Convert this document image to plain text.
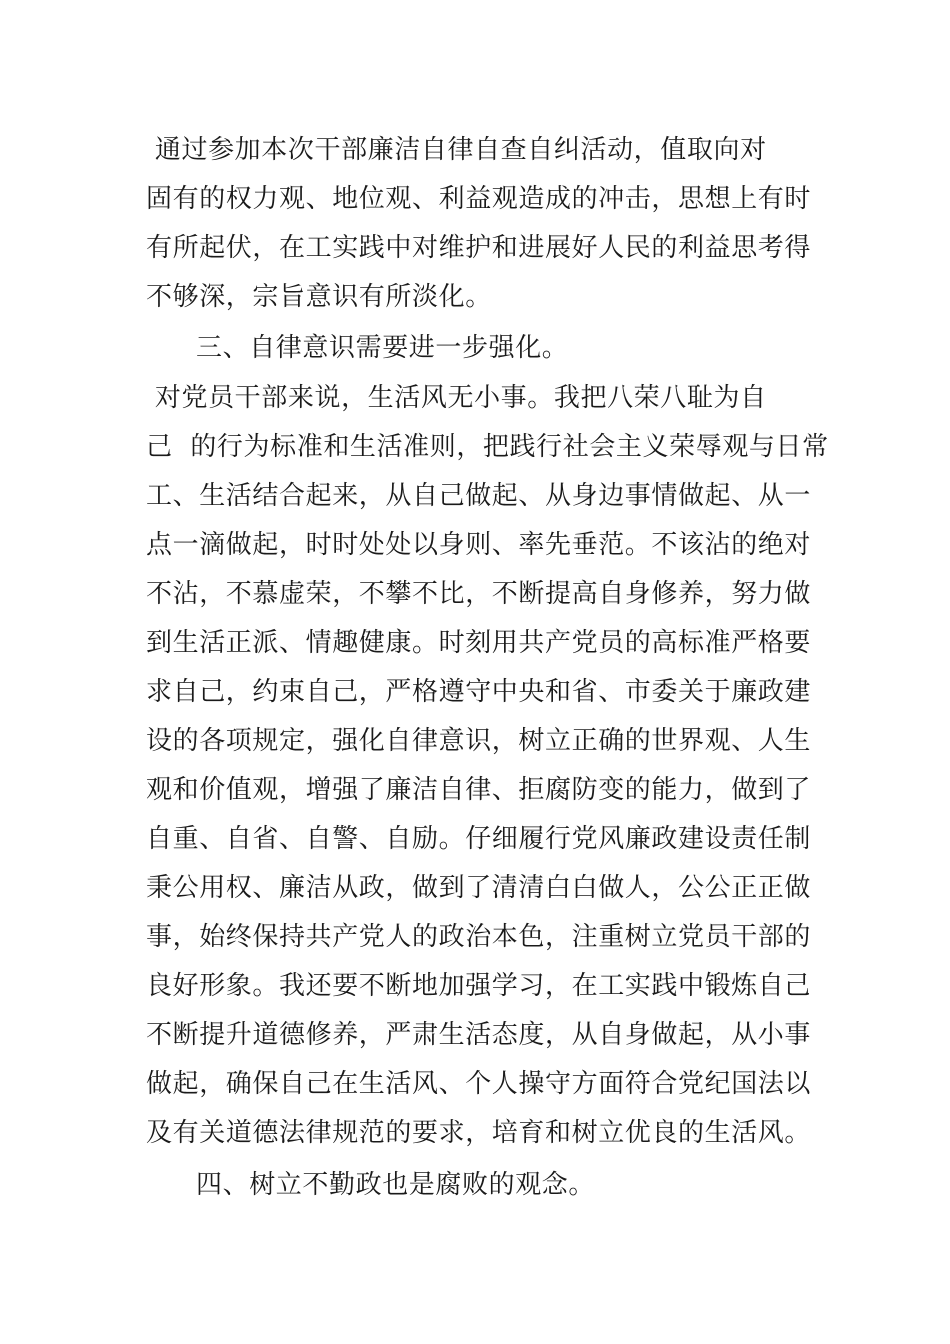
通过参加本次干部廉洁自律自查自纠活动，值取向对
固有的权力观、地位观、利益观造成的冲击，思想上有时
有所起伏，在工实践中对维护和进展好人民的利益思考得
不够深，宗旨意识有所淡化。
三、自律意识需要进一步强化。
对党员干部来说，生活风无小事。我把八荣八耻为自
己  的行为标准和生活准则，把践行社会主义荣辱观与日常
工、生活结合起来，从自己做起、从身边事情做起、从一
点一滴做起，时时处处以身则、率先垂范。不该沾的绝对
不沾，不慕虚荣，不攀不比，不断提高自身修养，努力做
到生活正派、情趣健康。时刻用共产党员的高标准严格要
求自己，约束自己，严格遵守中央和省、市委关于廉政建
设的各项规定，强化自律意识，树立正确的世界观、人生
观和价值观，增强了廉洁自律、拒腐防变的能力，做到了
自重、自省、自警、自励。仔细履行党风廉政建设责任制
秉公用权、廉洁从政，做到了清清白白做人，公公正正做
事，始终保持共产党人的政治本色，注重树立党员干部的
良好形象。我还要不断地加强学习，在工实践中锻炼自己
不断提升道德修养，严肃生活态度，从自身做起，从小事
做起，确保自己在生活风、个人操守方面符合党纪国法以
及有关道德法律规范的要求，培育和树立优良的生活风。
四、树立不勤政也是腐败的观念。
